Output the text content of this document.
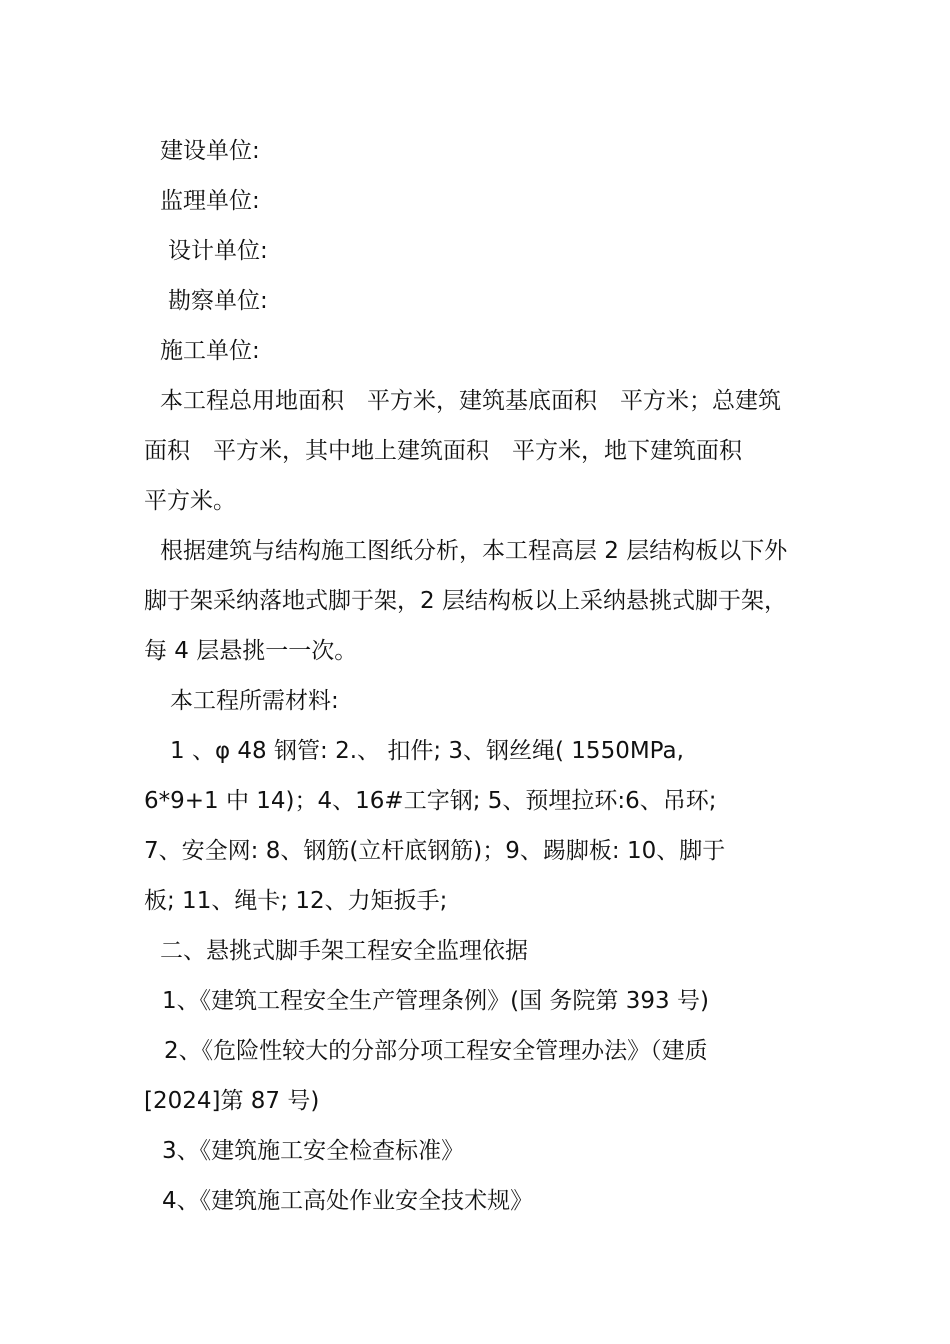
建设单位:
监理单位:
设计单位:
勘察单位:
施工单位:
本工程总用地面积　平方米，建筑基底面积　平方米；总建筑
面积　平方米，其中地上建筑面积　平方米，地下建筑面积
平方米。
根据建筑与结构施工图纸分析，本工程高层 2 层结构板以下外
脚于架采纳落地式脚于架，2 层结构板以上采纳悬挑式脚于架，
每 4 层悬挑一一次。
本工程所需材料:
1 、φ 48 钢管: 2.、 扣件; 3、钢丝绳( 1550MPa,
6*9+1 中 14)；4、16#工字钢; 5、预埋拉环:6、吊环;
7、安全网: 8、钢筋(立杆底钢筋)；9、踢脚板: 10、脚于
板; 11、绳卡; 12、力矩扳手;
二、悬挑式脚手架工程安全监理依据
1、《建筑工程安全生产管理条例》(国 务院第 393 号)
2、《危险性较大的分部分项工程安全管理办法》（建质
[2024]第 87 号)
3、《建筑施工安全检查标准》
4、《建筑施工高处作业安全技术规》
